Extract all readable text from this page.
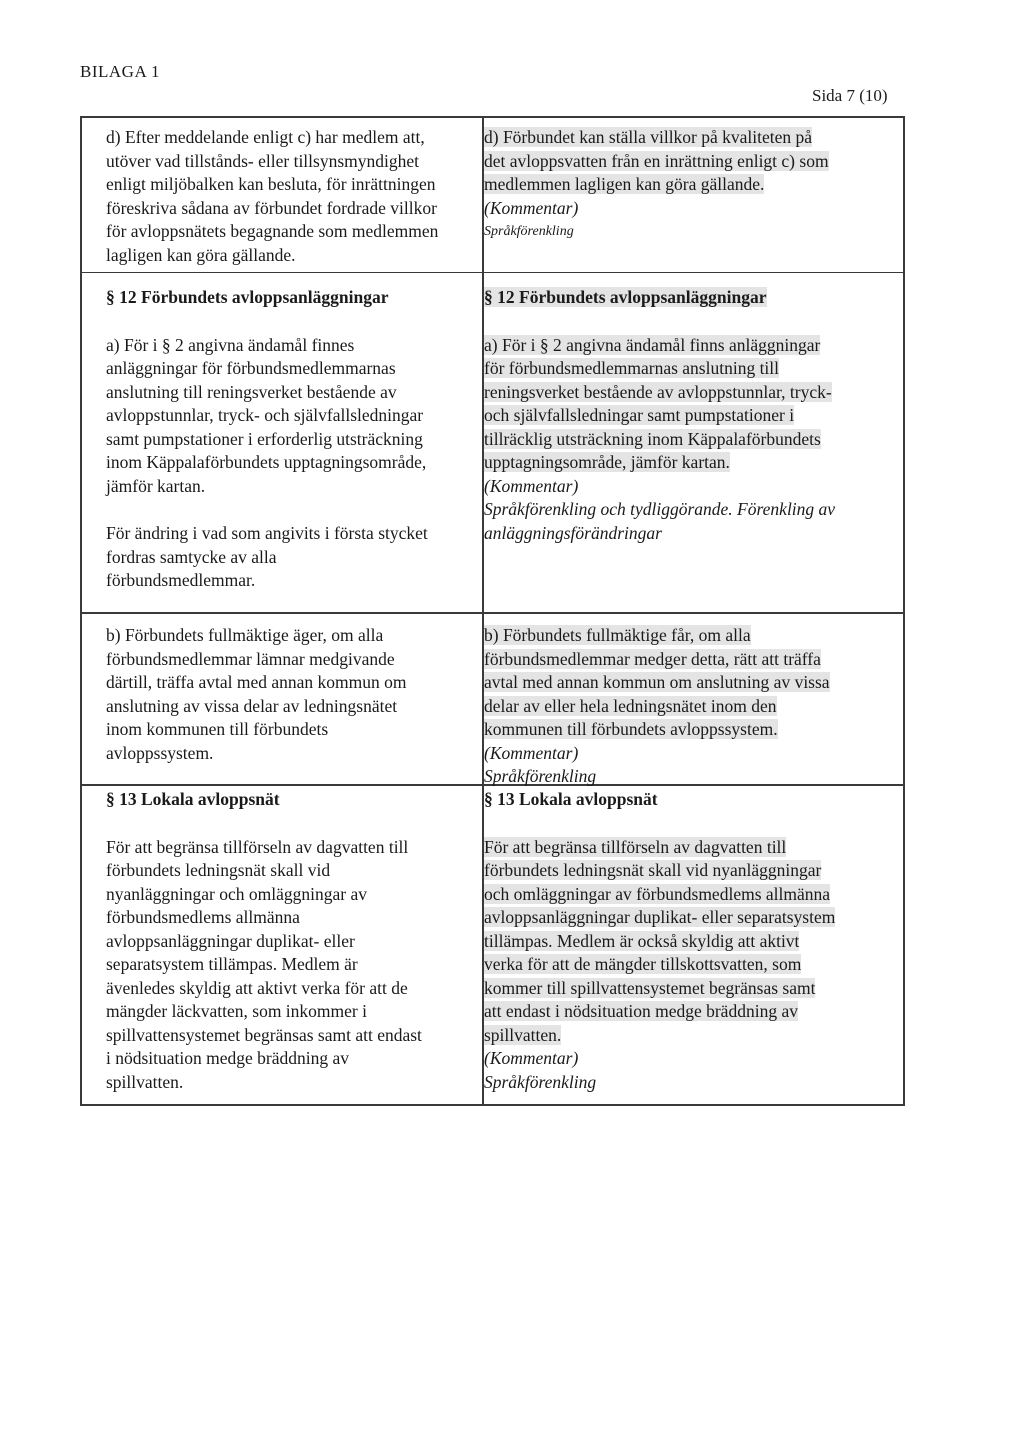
BILAGA 1
Sida 7 (10)

d) Efter meddelande enligt c) har medlem att,

utöver vad tillstånds- eller tillsynsmyndighet

enligt miljöbalken kan besluta, för inrättningen

föreskriva sådana av förbundet fordrade villkor

för avloppsnätets begagnande som medlemmen

lagligen kan göra gällande.

d) Förbundet kan ställa villkor på kvaliteten på

det avloppsvatten från en inrättning enligt c) som

medlemmen lagligen kan göra gällande.

(Kommentar)

Språkförenkling

§ 12 Förbundets avloppsanläggningar

a) För i § 2 angivna ändamål finnes

anläggningar för förbundsmedlemmarnas

anslutning till reningsverket bestående av

avloppstunnlar, tryck- och självfallsledningar

samt pumpstationer i erforderlig utsträckning

inom Käppalaförbundets upptagningsområde,

jämför kartan.

För ändring i vad som angivits i första stycket

fordras samtycke av alla

förbundsmedlemmar.

§ 12 Förbundets avloppsanläggningar

a) För i § 2 angivna ändamål finns anläggningar

för förbundsmedlemmarnas anslutning till

reningsverket bestående av avloppstunnlar, tryck-

och självfallsledningar samt pumpstationer i

tillräcklig utsträckning inom Käppalaförbundets

upptagningsområde, jämför kartan.

(Kommentar)

Språkförenkling och tydliggörande. Förenkling av

anläggningsförändringar

b) Förbundets fullmäktige äger, om alla

förbundsmedlemmar lämnar medgivande

därtill, träffa avtal med annan kommun om

anslutning av vissa delar av ledningsnätet

inom kommunen till förbundets

avloppssystem.

b) Förbundets fullmäktige får, om alla

förbundsmedlemmar medger detta, rätt att träffa

avtal med annan kommun om anslutning av vissa

delar av eller hela ledningsnätet inom den

kommunen till förbundets avloppssystem.

(Kommentar)

Språkförenkling

§ 13 Lokala avloppsnät

För att begränsa tillförseln av dagvatten till

förbundets ledningsnät skall vid

nyanläggningar och omläggningar av

förbundsmedlems allmänna

avloppsanläggningar duplikat- eller

separatsystem tillämpas. Medlem är

ävenledes skyldig att aktivt verka för att de

mängder läckvatten, som inkommer i

spillvattensystemet begränsas samt att endast

i nödsituation medge bräddning av

spillvatten.

§ 13 Lokala avloppsnät

För att begränsa tillförseln av dagvatten till

förbundets ledningsnät skall vid nyanläggningar

och omläggningar av förbundsmedlems allmänna

avloppsanläggningar duplikat- eller separatsystem

tillämpas. Medlem är också skyldig att aktivt

verka för att de mängder tillskottsvatten, som

kommer till spillvattensystemet begränsas samt

att endast i nödsituation medge bräddning av

spillvatten.

(Kommentar)

Språkförenkling
